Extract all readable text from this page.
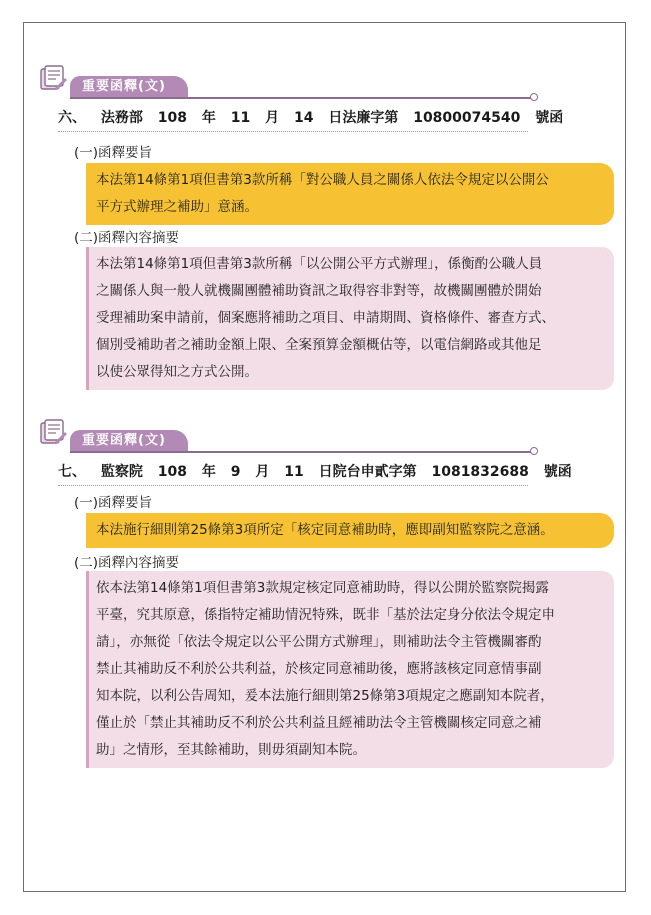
重要函釋(文)
六、 法務部 108 年 11 月 14 日法廉字第 10800074540 號函
(一)函釋要旨
本法第14條第1項但書第3款所稱「對公職人員之關係人依法令規定以公開公
平方式辦理之補助」意涵。
(二)函釋內容摘要
本法第14條第1項但書第3款所稱「以公開公平方式辦理」，係衡酌公職人員
之關係人與一般人就機關團體補助資訊之取得容非對等，故機關團體於開始
受理補助案申請前，個案應將補助之項目、申請期間、資格條件、審查方式、
個別受補助者之補助金額上限、全案預算金額概估等，以電信網路或其他足
以使公眾得知之方式公開。
重要函釋(文)
七、 監察院 108 年 9 月 11 日院台申貳字第 1081832688 號函
(一)函釋要旨
本法施行細則第25條第3項所定「核定同意補助時，應即副知監察院之意涵。
(二)函釋內容摘要
依本法第14條第1項但書第3款規定核定同意補助時，得以公開於監察院揭露
平臺，究其原意，係指特定補助情況特殊，既非「基於法定身分依法令規定申
請」，亦無從「依法令規定以公平公開方式辦理」，則補助法令主管機關審酌
禁止其補助反不利於公共利益，於核定同意補助後，應將該核定同意情事副
知本院，以利公告周知，爰本法施行細則第25條第3項規定之應副知本院者，
僅止於「禁止其補助反不利於公共利益且經補助法令主管機關核定同意之補
助」之情形，至其餘補助，則毋須副知本院。
